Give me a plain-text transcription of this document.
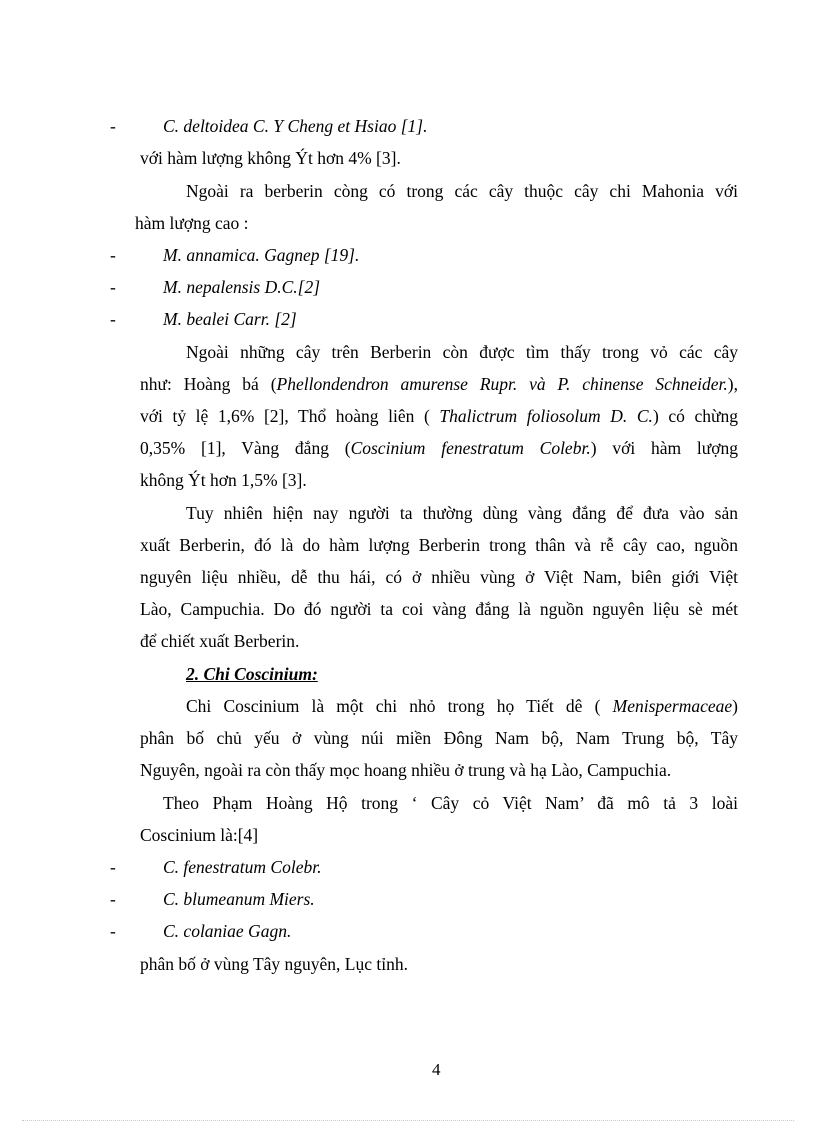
-	C. deltoidea C. Y Cheng et Hsiao [1].
với hàm lượng không Ýt hơn 4% [3].
Ngoài ra berberin còng có trong các cây thuộc cây chi Mahonia với
hàm lượng cao :
-	M. annamica. Gagnep [19].
-	M. nepalensis D.C.[2]
-	M. bealei Carr. [2]
Ngoài những cây trên Berberin còn được tìm thấy trong vỏ các cây
như: Hoàng bá (Phellondendron amurense Rupr. và P. chinense Schneider.),
với tỷ lệ 1,6% [2], Thổ hoàng liên ( Thalictrum foliosolum D. C.) có chừng
0,35% [1], Vàng đắng (Coscinium fenestratum Colebr.) với hàm lượng
không Ýt hơn 1,5% [3].
Tuy nhiên hiện nay người ta thường dùng vàng đắng để đưa vào sản
xuất Berberin, đó là do hàm lượng Berberin trong thân và rễ cây cao, nguồn
nguyên liệu nhiều, dễ thu hái, có ở nhiều vùng ở Việt Nam, biên giới Việt
Lào, Campuchia. Do đó người ta coi vàng đắng là nguồn nguyên liệu sè mét
để chiết xuất Berberin.
2. Chi Coscinium:
Chi Coscinium là một chi nhỏ trong họ Tiết dê ( Menispermaceae)
phân bố chủ yếu ở vùng núi miền Đông Nam bộ, Nam Trung bộ, Tây
Nguyên, ngoài ra còn thấy mọc hoang nhiều ở trung và hạ Lào, Campuchia.
Theo Phạm Hoàng Hộ trong ‘ Cây cỏ Việt Nam’ đã mô tả 3 loài
Coscinium là:[4]
-	C. fenestratum Colebr.
-	C. blumeanum Miers.
-	C. colaniae Gagn.
phân bố ở vùng Tây nguyên, Lục tỉnh.
4
